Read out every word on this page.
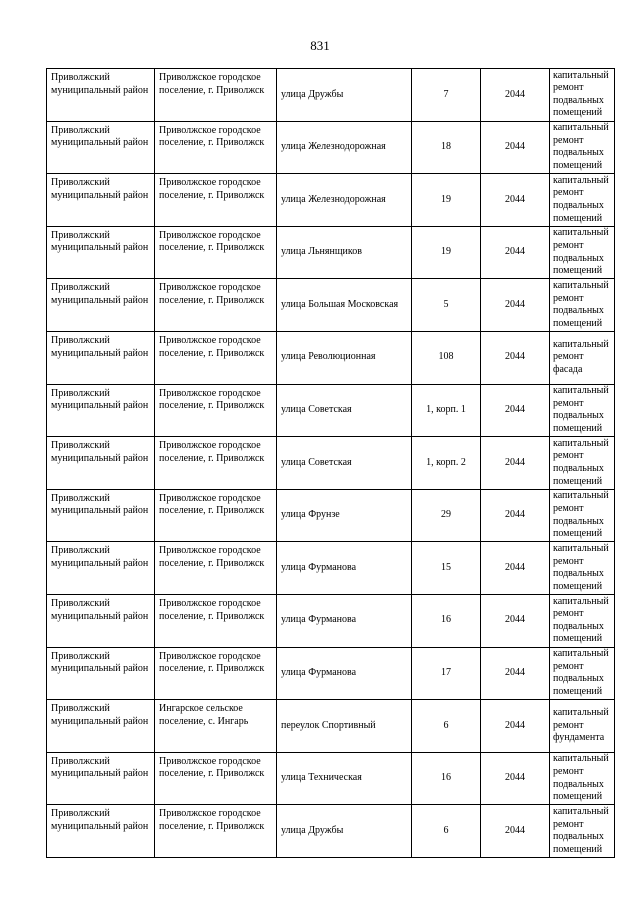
831
Приволжский муниципальный район	Приволжское городское поселение, г. Приволжск	улица Дружбы	7	2044	капитальный ремонт подвальных помещений
Приволжский муниципальный район	Приволжское городское поселение, г. Приволжск	улица Железнодорожная	18	2044	капитальный ремонт подвальных помещений
Приволжский муниципальный район	Приволжское городское поселение, г. Приволжск	улица Железнодорожная	19	2044	капитальный ремонт подвальных помещений
Приволжский муниципальный район	Приволжское городское поселение, г. Приволжск	улица Льнянщиков	19	2044	капитальный ремонт подвальных помещений
Приволжский муниципальный район	Приволжское городское поселение, г. Приволжск	улица Большая Московская	5	2044	капитальный ремонт подвальных помещений
Приволжский муниципальный район	Приволжское городское поселение, г. Приволжск	улица Революционная	108	2044	капитальный ремонт фасада
Приволжский муниципальный район	Приволжское городское поселение, г. Приволжск	улица Советская	1, корп. 1	2044	капитальный ремонт подвальных помещений
Приволжский муниципальный район	Приволжское городское поселение, г. Приволжск	улица Советская	1, корп. 2	2044	капитальный ремонт подвальных помещений
Приволжский муниципальный район	Приволжское городское поселение, г. Приволжск	улица Фрунзе	29	2044	капитальный ремонт подвальных помещений
Приволжский муниципальный район	Приволжское городское поселение, г. Приволжск	улица Фурманова	15	2044	капитальный ремонт подвальных помещений
Приволжский муниципальный район	Приволжское городское поселение, г. Приволжск	улица Фурманова	16	2044	капитальный ремонт подвальных помещений
Приволжский муниципальный район	Приволжское городское поселение, г. Приволжск	улица Фурманова	17	2044	капитальный ремонт подвальных помещений
Приволжский муниципальный район	Ингарское сельское поселение, с. Ингарь	переулок Спортивный	6	2044	капитальный ремонт фундамента
Приволжский муниципальный район	Приволжское городское поселение, г. Приволжск	улица Техническая	16	2044	капитальный ремонт подвальных помещений
Приволжский муниципальный район	Приволжское городское поселение, г. Приволжск	улица Дружбы	6	2044	капитальный ремонт подвальных помещений
